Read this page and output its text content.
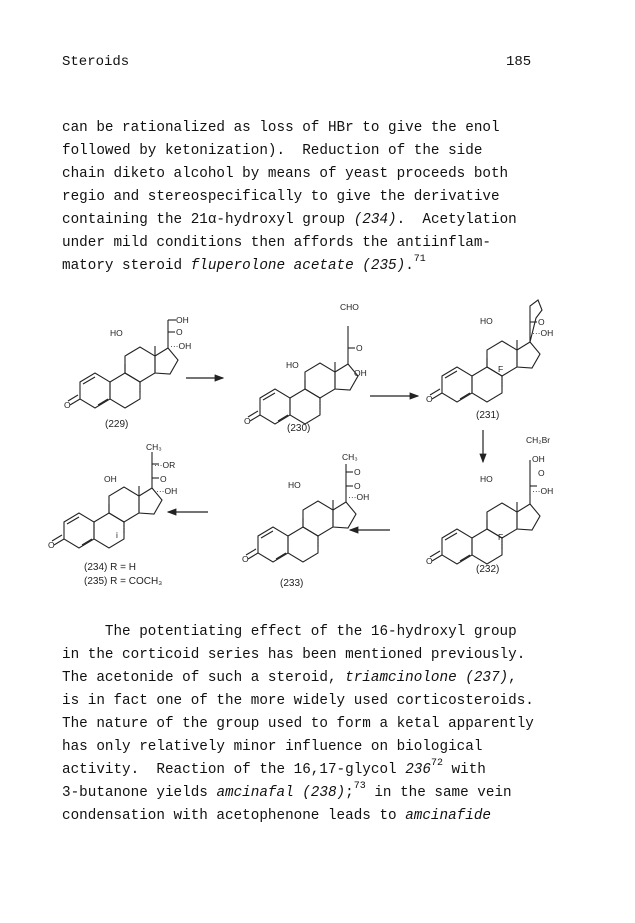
Steroids	185
can be rationalized as loss of HBr to give the enol
followed by ketonization).  Reduction of the side
chain diketo alcohol by means of yeast proceeds both
regio and stereospecifically to give the derivative
containing the 21α-hydroxyl group (234).  Acetylation
under mild conditions then affords the antiinflam-
matory steroid fluperolone acetate (235).$^{71}$
OH
O
···OH
HO
O
(229)
CHO
O
OH
HO
O
(230)
O
···OH
HO
F
O
(231)
CH₂Br
OH
O
···OH
HO
F
O
(232)
CH₃
O
O
···OH
HO
O
(233)
CH₃
···OR
O
···OH
OH
i
O
(234) R = H
(235) R = COCH₃
The potentiating effect of the 16-hydroxyl group
in the corticoid series has been mentioned previously.
The acetonide of such a steroid, triamcinolone (237),
is in fact one of the more widely used corticosteroids.
The nature of the group used to form a ketal apparently
has only relatively minor influence on biological
activity.  Reaction of the 16,17-glycol $236^{72}$ with
3-butanone yields amcinafal (238);$^{73}$ in the same vein
condensation with acetophenone leads to amcinafide
